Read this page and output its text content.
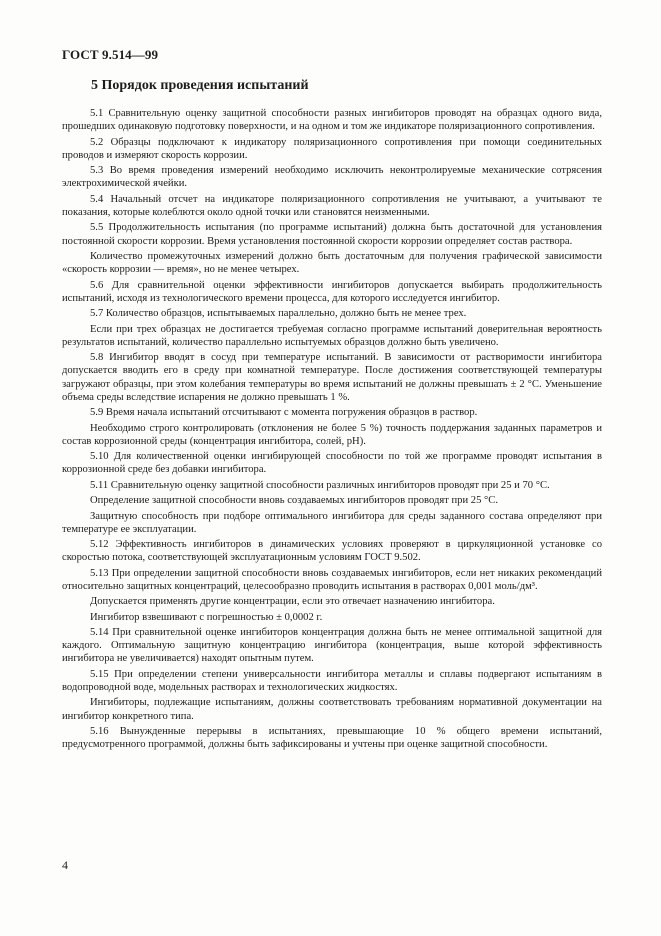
ГОСТ 9.514—99
5 Порядок проведения испытаний

5.1 Сравнительную оценку защитной способности разных ингибиторов проводят на образцах одного вида, прошедших одинаковую подготовку поверхности, и на одном и том же индикаторе поляризационного сопротивления.

5.2 Образцы подключают к индикатору поляризационного сопротивления при помощи соединительных проводов и измеряют скорость коррозии.

5.3 Во время проведения измерений необходимо исключить неконтролируемые механические сотрясения электрохимической ячейки.

5.4 Начальный отсчет на индикаторе поляризационного сопротивления не учитывают, а учитывают те показания, которые колеблются около одной точки или становятся неизменными.

5.5 Продолжительность испытания (по программе испытаний) должна быть достаточной для установления постоянной скорости коррозии. Время установления постоянной скорости коррозии определяет состав раствора.

Количество промежуточных измерений должно быть достаточным для получения графической зависимости «скорость коррозии — время», но не менее четырех.

5.6 Для сравнительной оценки эффективности ингибиторов допускается выбирать продолжительность испытаний, исходя из технологического времени процесса, для которого исследуется ингибитор.

5.7 Количество образцов, испытываемых параллельно, должно быть не менее трех.

Если при трех образцах не достигается требуемая согласно программе испытаний доверительная вероятность результатов испытаний, количество параллельно испытуемых образцов должно быть увеличено.

5.8 Ингибитор вводят в сосуд при температуре испытаний. В зависимости от растворимости ингибитора допускается вводить его в среду при комнатной температуре. После достижения соответствующей температуры загружают образцы, при этом колебания температуры во время испытаний не должны превышать ± 2 °С. Уменьшение объема среды вследствие испарения не должно превышать 1 %.

5.9 Время начала испытаний отсчитывают с момента погружения образцов в раствор.

Необходимо строго контролировать (отклонения не более 5 %) точность поддержания заданных параметров и состав коррозионной среды (концентрация ингибитора, солей, рН).

5.10 Для количественной оценки ингибирующей способности по той же программе проводят испытания в коррозионной среде без добавки ингибитора.

5.11 Сравнительную оценку защитной способности различных ингибиторов проводят при 25 и 70 °С.

Определение защитной способности вновь создаваемых ингибиторов проводят при 25 °С.

Защитную способность при подборе оптимального ингибитора для среды заданного состава определяют при температуре ее эксплуатации.

5.12 Эффективность ингибиторов в динамических условиях проверяют в циркуляционной установке со скоростью потока, соответствующей эксплуатационным условиям ГОСТ 9.502.

5.13 При определении защитной способности вновь создаваемых ингибиторов, если нет никаких рекомендаций относительно защитных концентраций, целесообразно проводить испытания в растворах 0,001 моль/дм³.

Допускается применять другие концентрации, если это отвечает назначению ингибитора.

Ингибитор взвешивают с погрешностью ± 0,0002 г.

5.14 При сравнительной оценке ингибиторов концентрация должна быть не менее оптимальной защитной для каждого. Оптимальную защитную концентрацию ингибитора (концентрация, выше которой эффективность ингибитора не увеличивается) находят опытным путем.

5.15 При определении степени универсальности ингибитора металлы и сплавы подвергают испытаниям в водопроводной воде, модельных растворах и технологических жидкостях.

Ингибиторы, подлежащие испытаниям, должны соответствовать требованиям нормативной документации на ингибитор конкретного типа.

5.16 Вынужденные перерывы в испытаниях, превышающие 10 % общего времени испытаний, предусмотренного программой, должны быть зафиксированы и учтены при оценке защитной способности.

4
